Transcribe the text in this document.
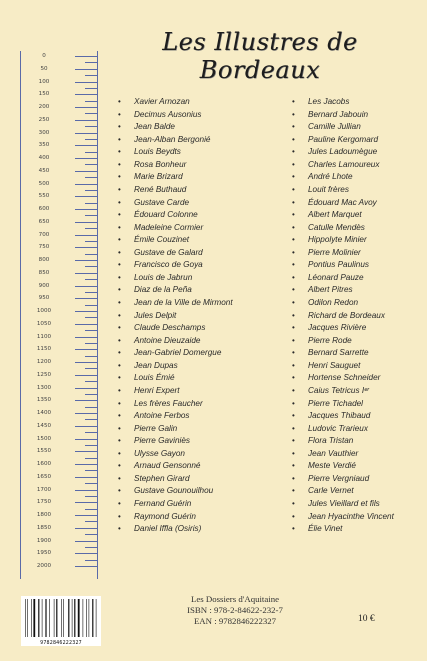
0
50
100
150
200
250
300
350
400
450
500
550
600
650
700
750
800
850
900
950
1000
1050
1100
1150
1200
1250
1300
1350
1400
1450
1500
1550
1600
1650
1700
1750
1800
1850
1900
1950
2000
Les Illustres de Bordeaux
• Xavier Arnozan
• Decimus Ausonius
• Jean Balde
• Jean-Alban Bergonié
• Louis Beydts
• Rosa Bonheur
• Marie Brizard
• René Buthaud
• Gustave Carde
• Édouard Colonne
• Madeleine Cormier
• Émile Couzinet
• Gustave de Galard
• Francisco de Goya
• Louis de Jabrun
• Diaz de la Peña
• Jean de la Ville de Mirmont
• Jules Delpit
• Claude Deschamps
• Antoine Dieuzaide
• Jean-Gabriel Domergue
• Jean Dupas
• Louis Émié
• Henri Expert
• Les frères Faucher
• Antoine Ferbos
• Pierre Galin
• Pierre Gaviniès
• Ulysse Gayon
• Arnaud Gensonné
• Stephen Girard
• Gustave Gounouilhou
• Fernand Guérin
• Raymond Guérin
• Daniel Iffla (Osiris)
• Les Jacobs
• Bernard Jabouin
• Camille Jullian
• Pauline Kergomard
• Jules Ladoumègue
• Charles Lamoureux
• André Lhote
• Louit frères
• Édouard Mac Avoy
• Albert Marquet
• Catulle Mendès
• Hippolyte Minier
• Pierre Molinier
• Pontius Paulinus
• Léonard Pauze
• Albert Pitres
• Odilon Redon
• Richard de Bordeaux
• Jacques Rivière
• Pierre Rode
• Bernard Sarrette
• Henri Sauguet
• Hortense Schneider
• Caius Tetricus Iᵉʳ
• Pierre Tichadel
• Jacques Thibaud
• Ludovic Trarieux
• Flora Tristan
• Jean Vauthier
• Meste Verdié
• Pierre Vergniaud
• Carle Vernet
• Jules Vieillard et fils
• Jean Hyacinthe Vincent
• Élie Vinet
9782846222327
Les Dossiers d'Aquitaine
ISBN : 978-2-84622-232-7
EAN : 9782846222327	10 €
